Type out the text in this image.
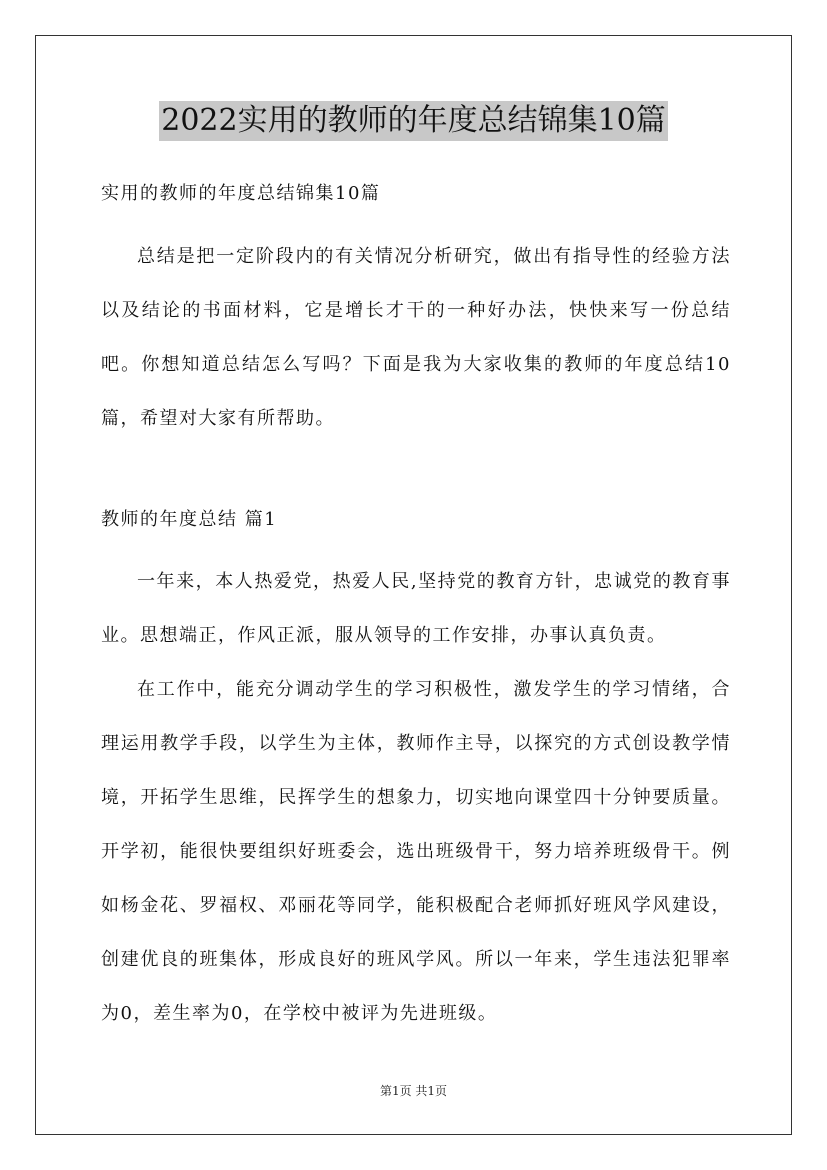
2022实用的教师的年度总结锦集10篇
实用的教师的年度总结锦集10篇

总结是把一定阶段内的有关情况分析研究，做出有指导性的经验方法以及结论的书面材料，它是增长才干的一种好办法，快快来写一份总结吧。你想知道总结怎么写吗？下面是我为大家收集的教师的年度总结10篇，希望对大家有所帮助。

教师的年度总结 篇1

一年来，本人热爱党，热爱人民,坚持党的教育方针，忠诚党的教育事业。思想端正，作风正派，服从领导的工作安排，办事认真负责。

在工作中，能充分调动学生的学习积极性，激发学生的学习情绪，合理运用教学手段，以学生为主体，教师作主导，以探究的方式创设教学情境，开拓学生思维，民挥学生的想象力，切实地向课堂四十分钟要质量。开学初，能很快要组织好班委会，选出班级骨干，努力培养班级骨干。例如杨金花、罗福权、邓丽花等同学，能积极配合老师抓好班风学风建设，创建优良的班集体，形成良好的班风学风。所以一年来，学生违法犯罪率为0，差生率为0，在学校中被评为先进班级。

第1页 共1页
